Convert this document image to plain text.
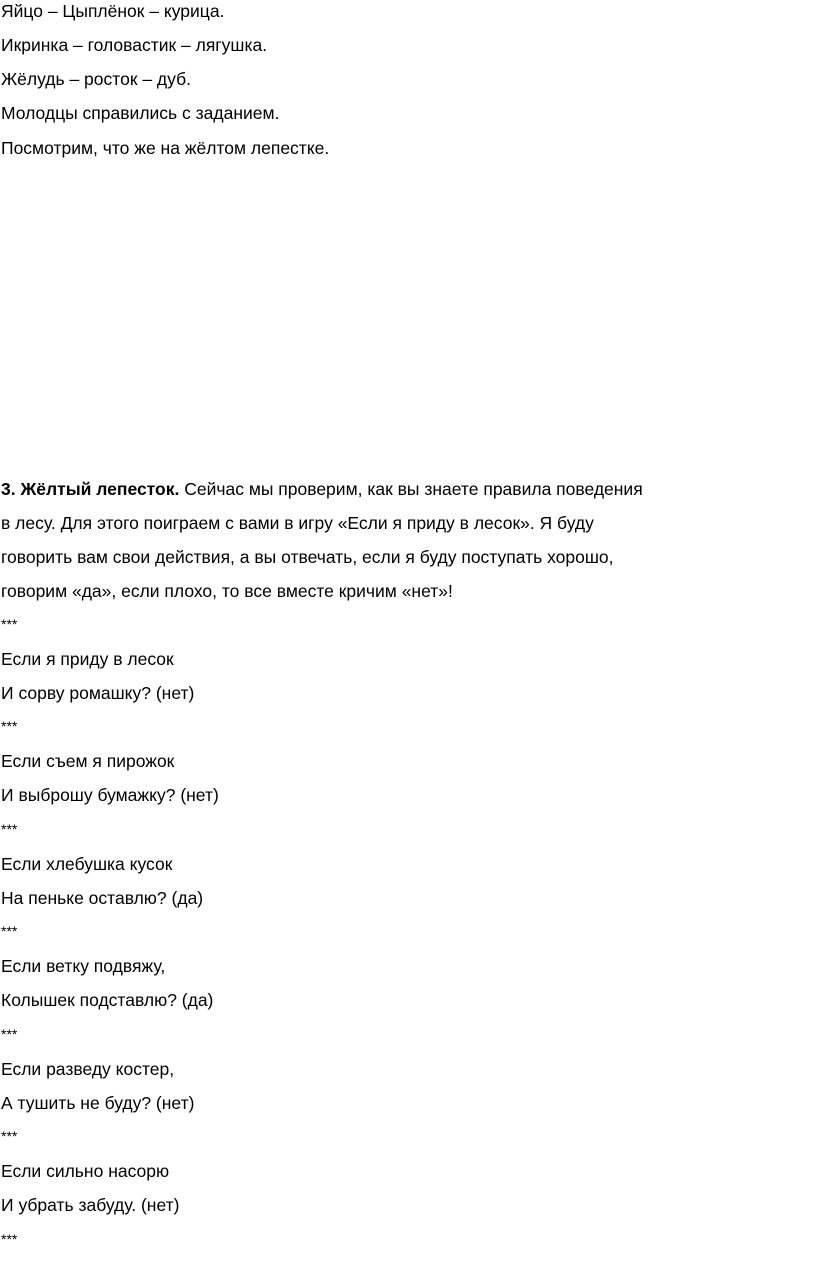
Яйцо – Цыплёнок – курица.
Икринка – головастик – лягушка.
Жёлудь – росток – дуб.
Молодцы справились с заданием.
Посмотрим, что же на жёлтом лепестке.
3. Жёлтый лепесток. Сейчас мы проверим, как вы знаете правила поведения
в лесу. Для этого поиграем с вами в игру «Если я приду в лесок». Я буду
говорить вам свои действия, а вы отвечать, если я буду поступать хорошо,
говорим «да», если плохо, то все вместе кричим «нет»!
***
Если я приду в лесок
И сорву ромашку? (нет)
***
Если съем я пирожок
И выброшу бумажку? (нет)
***
Если хлебушка кусок
На пеньке оставлю? (да)
***
Если ветку подвяжу,
Колышек подставлю? (да)
***
Если разведу костер,
А тушить не буду? (нет)
***
Если сильно насорю
И убрать забуду. (нет)
***
